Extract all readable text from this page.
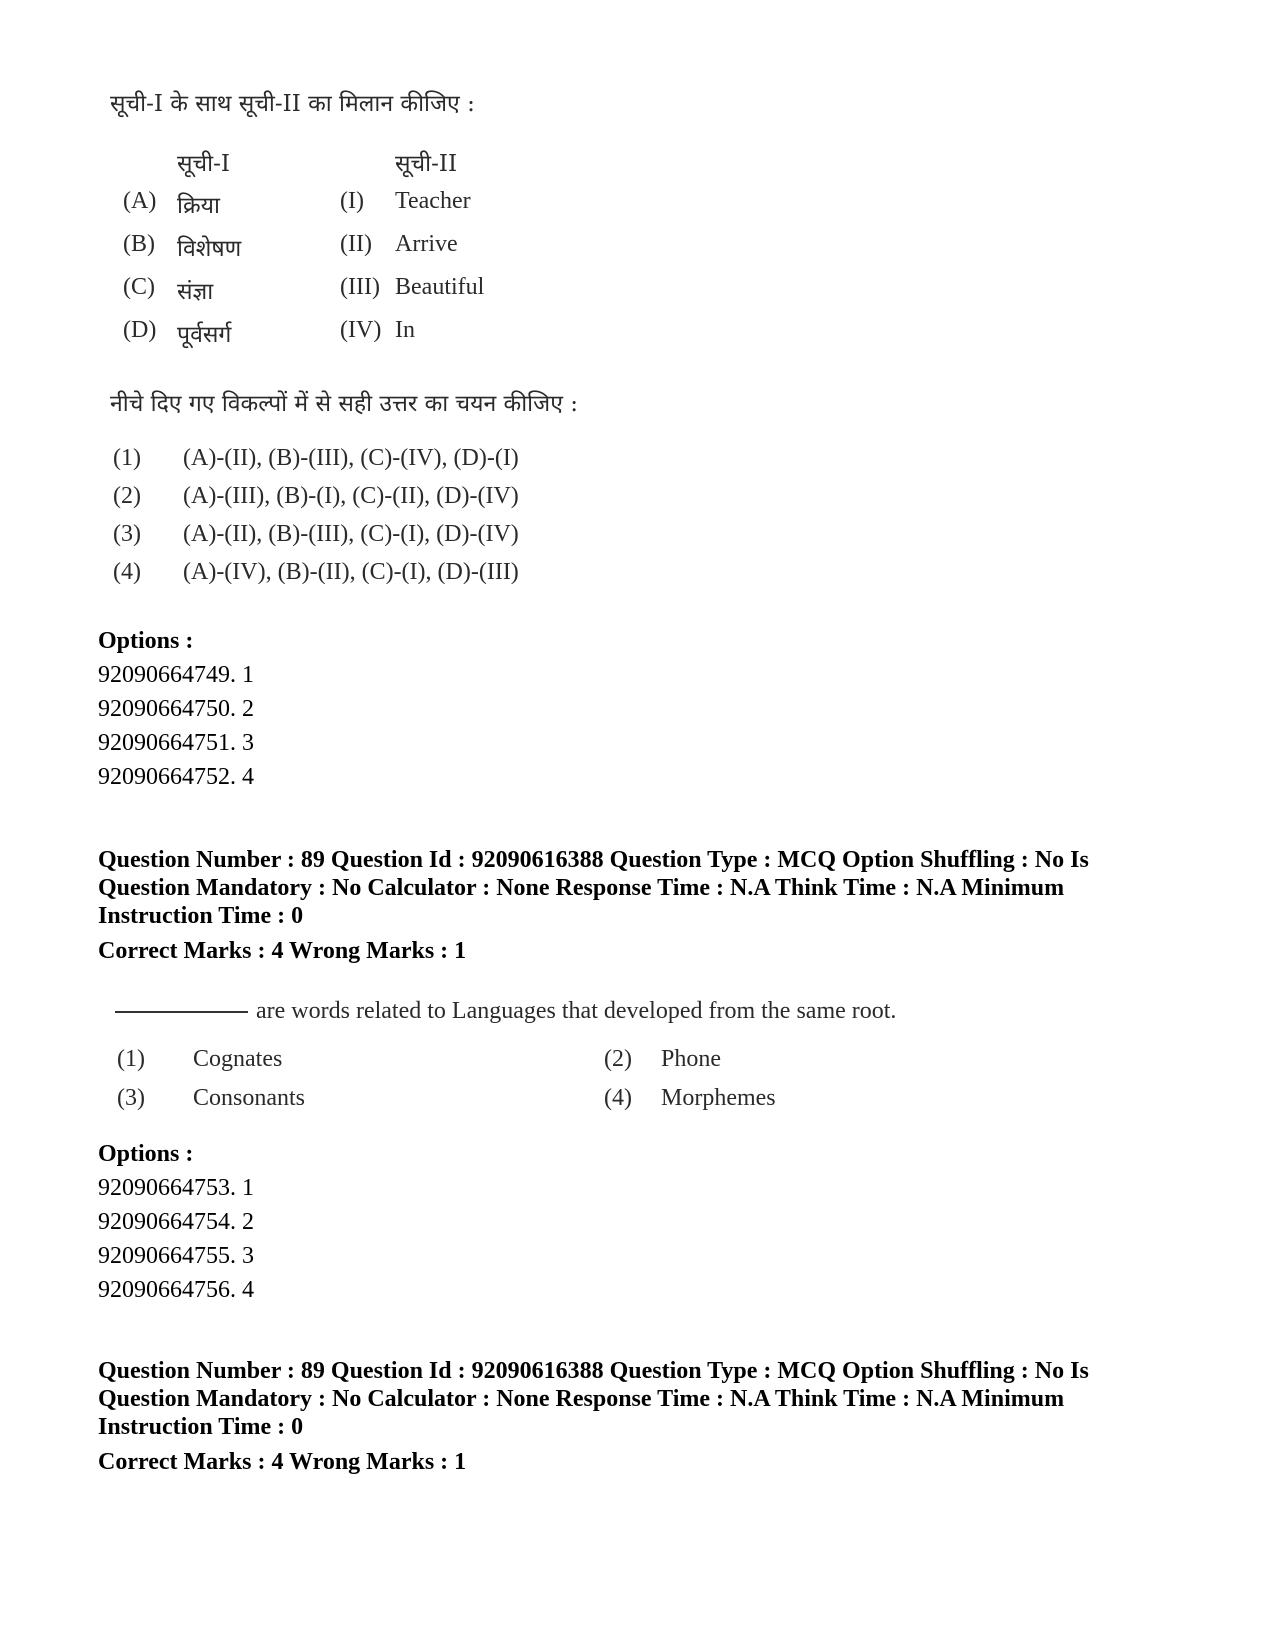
सूची-I के साथ सूची-II का मिलान कीजिए :
सूची-I	सूची-II
(A) क्रिया	(I) Teacher
(B) विशेषण	(II) Arrive
(C) संज्ञा	(III) Beautiful
(D) पूर्वसर्ग	(IV) In
नीचे दिए गए विकल्पों में से सही उत्तर का चयन कीजिए :
(1) (A)-(II), (B)-(III), (C)-(IV), (D)-(I)
(2) (A)-(III), (B)-(I), (C)-(II), (D)-(IV)
(3) (A)-(II), (B)-(III), (C)-(I), (D)-(IV)
(4) (A)-(IV), (B)-(II), (C)-(I), (D)-(III)
Options :
92090664749. 1
92090664750. 2
92090664751. 3
92090664752. 4
Question Number : 89 Question Id : 92090616388 Question Type : MCQ Option Shuffling : No Is
Question Mandatory : No Calculator : None Response Time : N.A Think Time : N.A Minimum
Instruction Time : 0
Correct Marks : 4 Wrong Marks : 1
are words related to Languages that developed from the same root.
(1) Cognates	(2) Phone
(3) Consonants	(4) Morphemes
Options :
92090664753. 1
92090664754. 2
92090664755. 3
92090664756. 4
Question Number : 89 Question Id : 92090616388 Question Type : MCQ Option Shuffling : No Is
Question Mandatory : No Calculator : None Response Time : N.A Think Time : N.A Minimum
Instruction Time : 0
Correct Marks : 4 Wrong Marks : 1
